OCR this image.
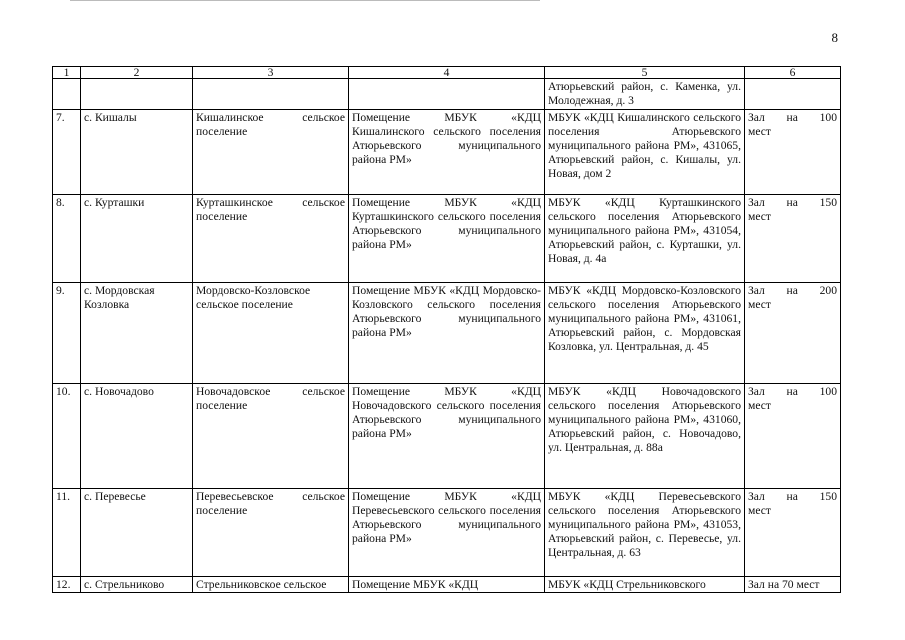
8
1	2	3	4	5	6
				Атюрьевский район, с. Каменка, ул. Молодежная, д. 3	
7.	с. Кишалы	Кишалинское сельское поселение	Помещение МБУК «КДЦ Кишалинского сельского поселения Атюрьевского муниципального района РМ»	МБУК «КДЦ Кишалинского сельского поселения Атюрьевского муниципального района РМ», 431065, Атюрьевский район, с. Кишалы, ул. Новая, дом 2	Зал на 100
мест

8.	с. Курташки	Курташкинское сельское поселение	Помещение МБУК «КДЦ Курташкинского сельского поселения Атюрьевского муниципального района РМ»	МБУК «КДЦ Курташкинского сельского поселения Атюрьевского муниципального района РМ», 431054, Атюрьевский район, с. Курташки, ул. Новая, д. 4а	Зал на 150
мест

9.	с. Мордовская Козловка	Мордовско-Козловское сельское поселение	Помещение МБУК «КДЦ Мордовско-Козловского сельского поселения Атюрьевского муниципального района РМ»	МБУК «КДЦ Мордовско-Козловского сельского поселения Атюрьевского муниципального района РМ», 431061, Атюрьевский район, с. Мордовская Козловка, ул. Центральная, д. 45	Зал на 200
мест

10.	с. Новочадово	Новочадовское сельское поселение	Помещение МБУК «КДЦ Новочадовского сельского поселения Атюрьевского муниципального района РМ»	МБУК «КДЦ Новочадовского сельского поселения Атюрьевского муниципального района РМ», 431060, Атюрьевский район, с. Новочадово, ул. Центральная, д. 88а	Зал на 100
мест

11.	с. Перевесье	Перевесьевское сельское поселение	Помещение МБУК «КДЦ Перевесьевского сельского поселения Атюрьевского муниципального района РМ»	МБУК «КДЦ Перевесьевского сельского поселения Атюрьевского муниципального района РМ», 431053, Атюрьевский район, с. Перевесье, ул. Центральная, д. 63	Зал на 150
мест

12.	с. Стрельниково	Стрельниковское сельское	Помещение МБУК «КДЦ	МБУК «КДЦ Стрельниковского	Зал на 70 мест
